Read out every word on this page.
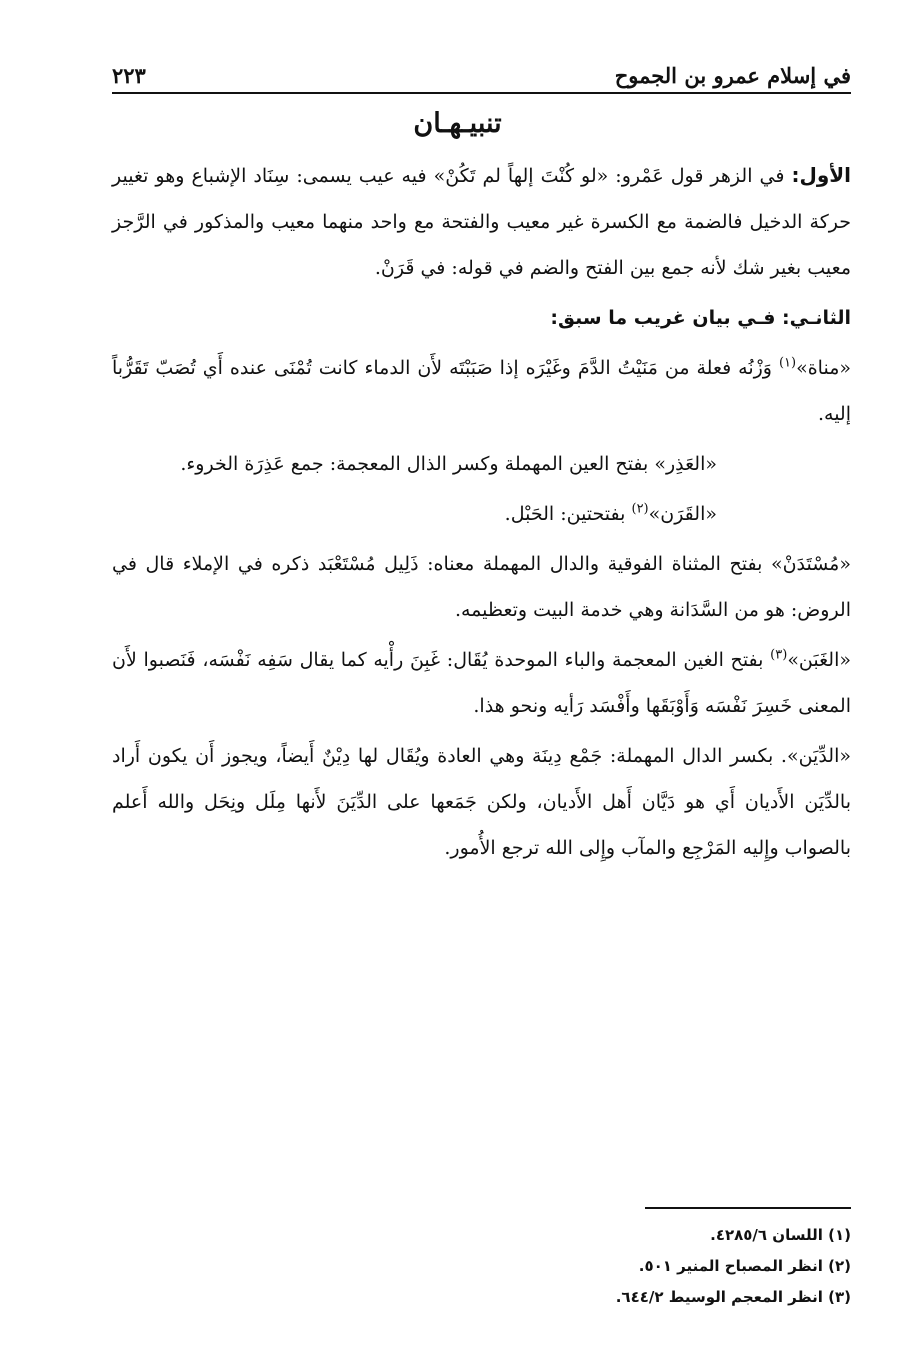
في إسلام عمرو بن الجموح
٢٢٣
تنبيـهـان

الأول: في الزهر قول عَمْرو: «لو كُنْتَ إلهاً لم تَكُنْ» فيه عيب يسمى: سِنَاد الإشباع وهو تغيير حركة الدخيل فالضمة مع الكسرة غير معيب والفتحة مع واحد منهما معيب والمذكور في الرَّجز معيب بغير شك لأنه جمع بين الفتح والضم في قوله: في قَرَنْ.

الثانـي: فـي بيان غريب ما سبق:

«مناة»$^{(١)}$ وَزْنُه فعلة من مَنَيْتُ الدَّمَ وغَيْرَه إذا صَبَبْتَه لأَن الدماء كانت تُمْنَى عنده أَي تُصَبّ تَقَرُّباً إليه.

«العَذِر» بفتح العين المهملة وكسر الذال المعجمة: جمع عَذِرَة الخروء.

«القَرَن»$^{(٢)}$ بفتحتين: الحَبْل.

«مُسْتَدَنْ» بفتح المثناة الفوقية والدال المهملة معناه: ذَلِيل مُسْتَعْبَد ذكره في الإملاء قال في الروض: هو من السَّدَانة وهي خدمة البيت وتعظيمه.

«الغَبَن»$^{(٣)}$ بفتح الغين المعجمة والباء الموحدة يُقَال: غَبِنَ رأْيه كما يقال سَفِه نَفْسَه، فَنَصبوا لأَن المعنى خَسِرَ نَفْسَه وَأَوْبَقَها وأَفْسَد رَأيه ونحو هذا.

«الدِّيَن». بكسر الدال المهملة: جَمْع دِينَة وهي العادة ويُقَال لها دِيْنٌ أَيضاً، ويجوز أَن يكون أَراد بالدِّيَن الأَديان أَي هو دَيَّان أَهل الأَديان، ولكن جَمَعها على الدِّيَنَ لأَنها مِلَل ونِحَل والله أَعلم بالصواب وإِليه المَرْجِع والمآب وإِلى الله ترجع الأُمور.

(١) اللسان ٤٢٨٥/٦.

(٢) انظر المصباح المنير ٥٠١.

(٣) انظر المعجم الوسيط ٦٤٤/٢.
